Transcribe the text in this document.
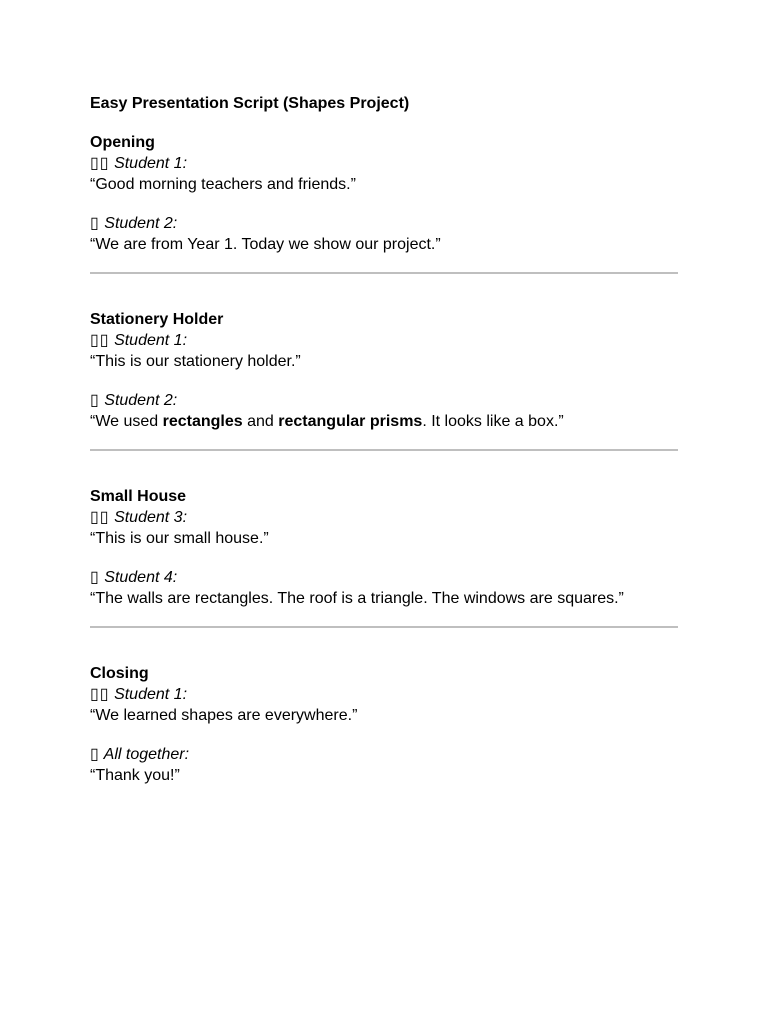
Easy Presentation Script (Shapes Project)
Opening
▯▯ Student 1:
“Good morning teachers and friends.”
▯ Student 2:
“We are from Year 1. Today we show our project.”
Stationery Holder
▯▯ Student 1:
“This is our stationery holder.”
▯ Student 2:
“We used rectangles and rectangular prisms. It looks like a box.”
Small House
▯▯ Student 3:
“This is our small house.”
▯ Student 4:
“The walls are rectangles. The roof is a triangle. The windows are squares.”
Closing
▯▯ Student 1:
“We learned shapes are everywhere.”
▯ All together:
“Thank you!”
